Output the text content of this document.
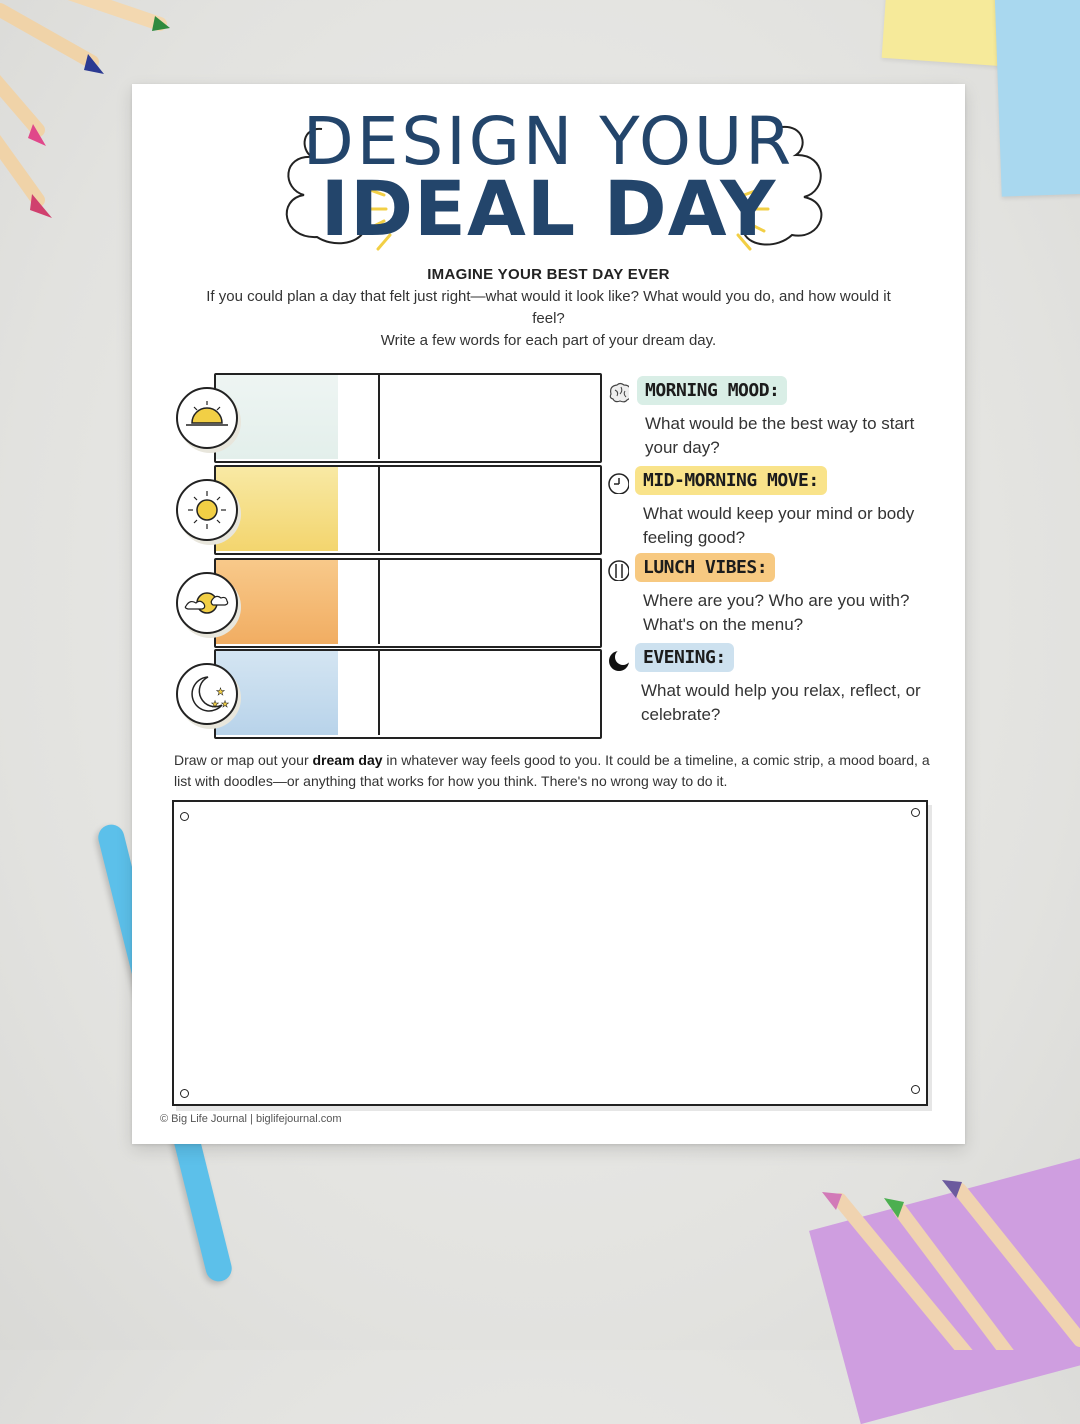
DESIGN YOUR
IDEAL DAY
IMAGINE YOUR BEST DAY EVER
If you could plan a day that felt just right—what would it look like? What would you do, and how would it feel?
Write a few words for each part of your dream day.
★
★ ★
MORNING MOOD:
What would be the best way to start your day?
MID-MORNING MOVE:
What would keep your mind or body feeling good?
LUNCH VIBES:
Where are you? Who are you with? What's on the menu?
EVENING:
What would help you relax, reflect, or celebrate?
Draw or map out your dream day in whatever way feels good to you. It could be a timeline, a comic strip, a mood board, a list with doodles—or anything that works for how you think. There's no wrong way to do it.
© Big Life Journal | biglifejournal.com
